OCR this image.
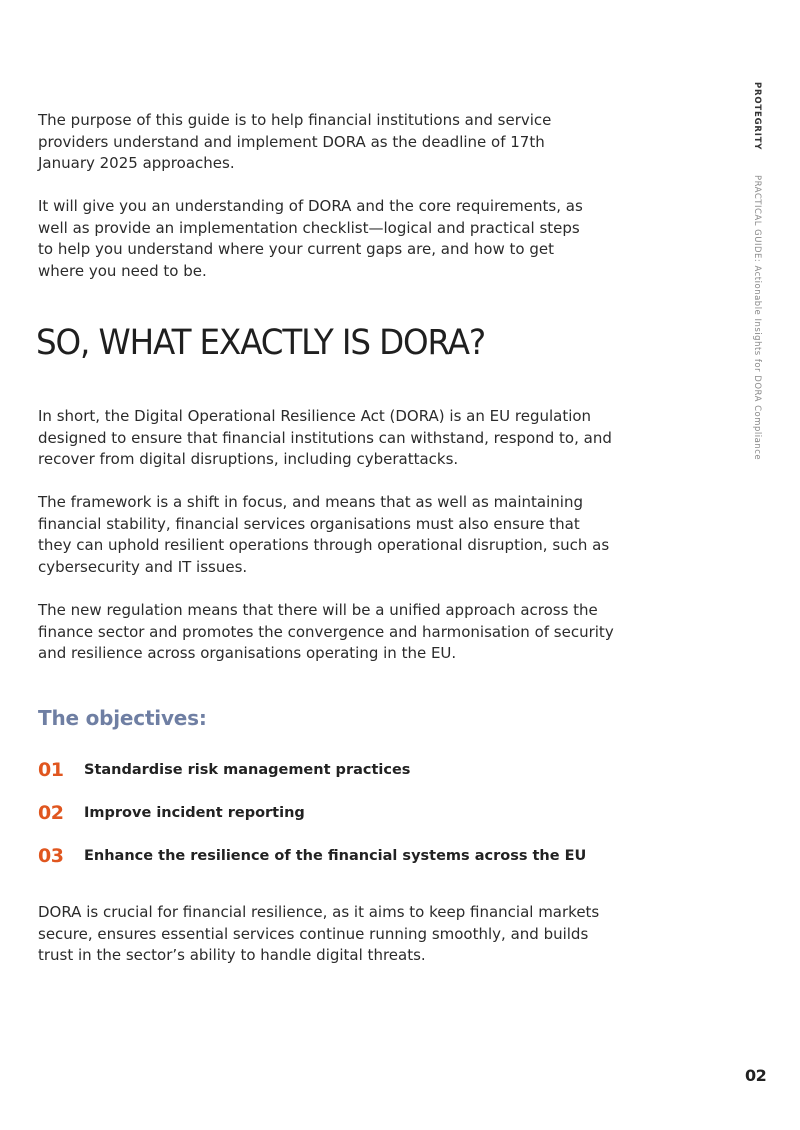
PROTEGRITY
PRACTICAL GUIDE: Actionable Insights for DORA Compliance

The purpose of this guide is to help financial institutions and service providers understand and implement DORA as the deadline of 17th January 2025 approaches.

It will give you an understanding of DORA and the core requirements, as well as provide an implementation checklist—logical and practical steps to help you understand where your current gaps are, and how to get where you need to be.

SO, WHAT EXACTLY IS DORA?

In short, the Digital Operational Resilience Act (DORA) is an EU regulation designed to ensure that financial institutions can withstand, respond to, and recover from digital disruptions, including cyberattacks.

The framework is a shift in focus, and means that as well as maintaining financial stability, financial services organisations must also ensure that they can uphold resilient operations through operational disruption, such as cybersecurity and IT issues.

The new regulation means that there will be a unified approach across the finance sector and promotes the convergence and harmonisation of security and resilience across organisations operating in the EU.

The objectives:
01	Standardise risk management practices
02	Improve incident reporting
03	Enhance the resilience of the financial systems across the EU

DORA is crucial for financial resilience, as it aims to keep financial markets secure, ensures essential services continue running smoothly, and builds trust in the sector’s ability to handle digital threats.

02
